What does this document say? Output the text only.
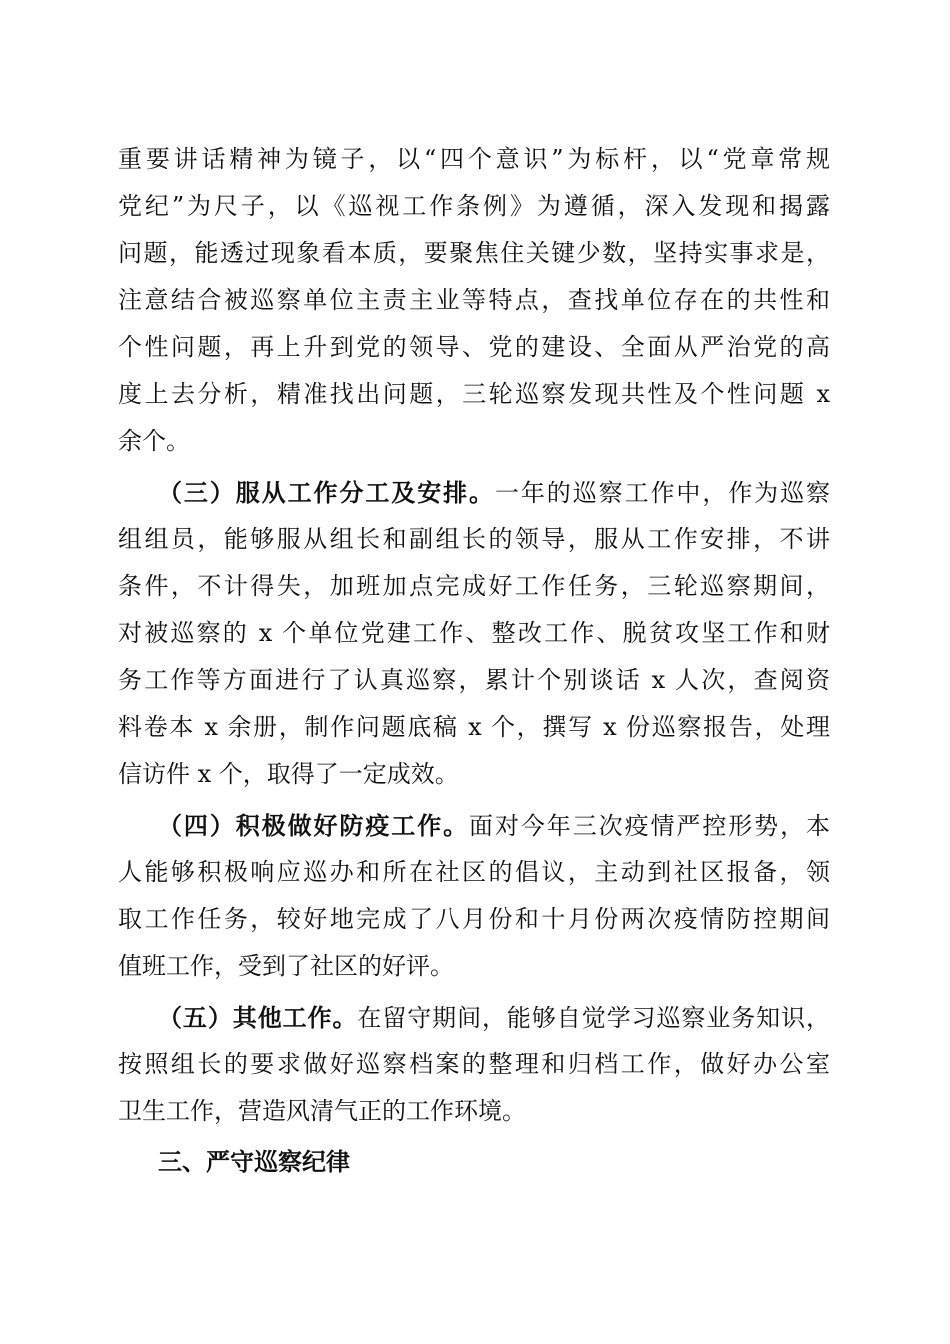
重要讲话精神为镜子，以“四个意识”为标杆，以“党章常规
党纪”为尺子，以《巡视工作条例》为遵循，深入发现和揭露
问题，能透过现象看本质，要聚焦住关键少数，坚持实事求是，
注意结合被巡察单位主责主业等特点，查找单位存在的共性和
个性问题，再上升到党的领导、党的建设、全面从严治党的高
度上去分析，精准找出问题，三轮巡察发现共性及个性问题 x
余个。
（三）服从工作分工及安排。一年的巡察工作中，作为巡察
组组员，能够服从组长和副组长的领导，服从工作安排，不讲
条件，不计得失，加班加点完成好工作任务，三轮巡察期间，
对被巡察的 x 个单位党建工作、整改工作、脱贫攻坚工作和财
务工作等方面进行了认真巡察，累计个别谈话 x 人次，查阅资
料卷本 x 余册，制作问题底稿 x 个，撰写 x 份巡察报告，处理
信访件 x 个，取得了一定成效。
（四）积极做好防疫工作。面对今年三次疫情严控形势，本
人能够积极响应巡办和所在社区的倡议，主动到社区报备，领
取工作任务，较好地完成了八月份和十月份两次疫情防控期间
值班工作，受到了社区的好评。
（五）其他工作。在留守期间，能够自觉学习巡察业务知识，
按照组长的要求做好巡察档案的整理和归档工作，做好办公室
卫生工作，营造风清气正的工作环境。
三、严守巡察纪律
